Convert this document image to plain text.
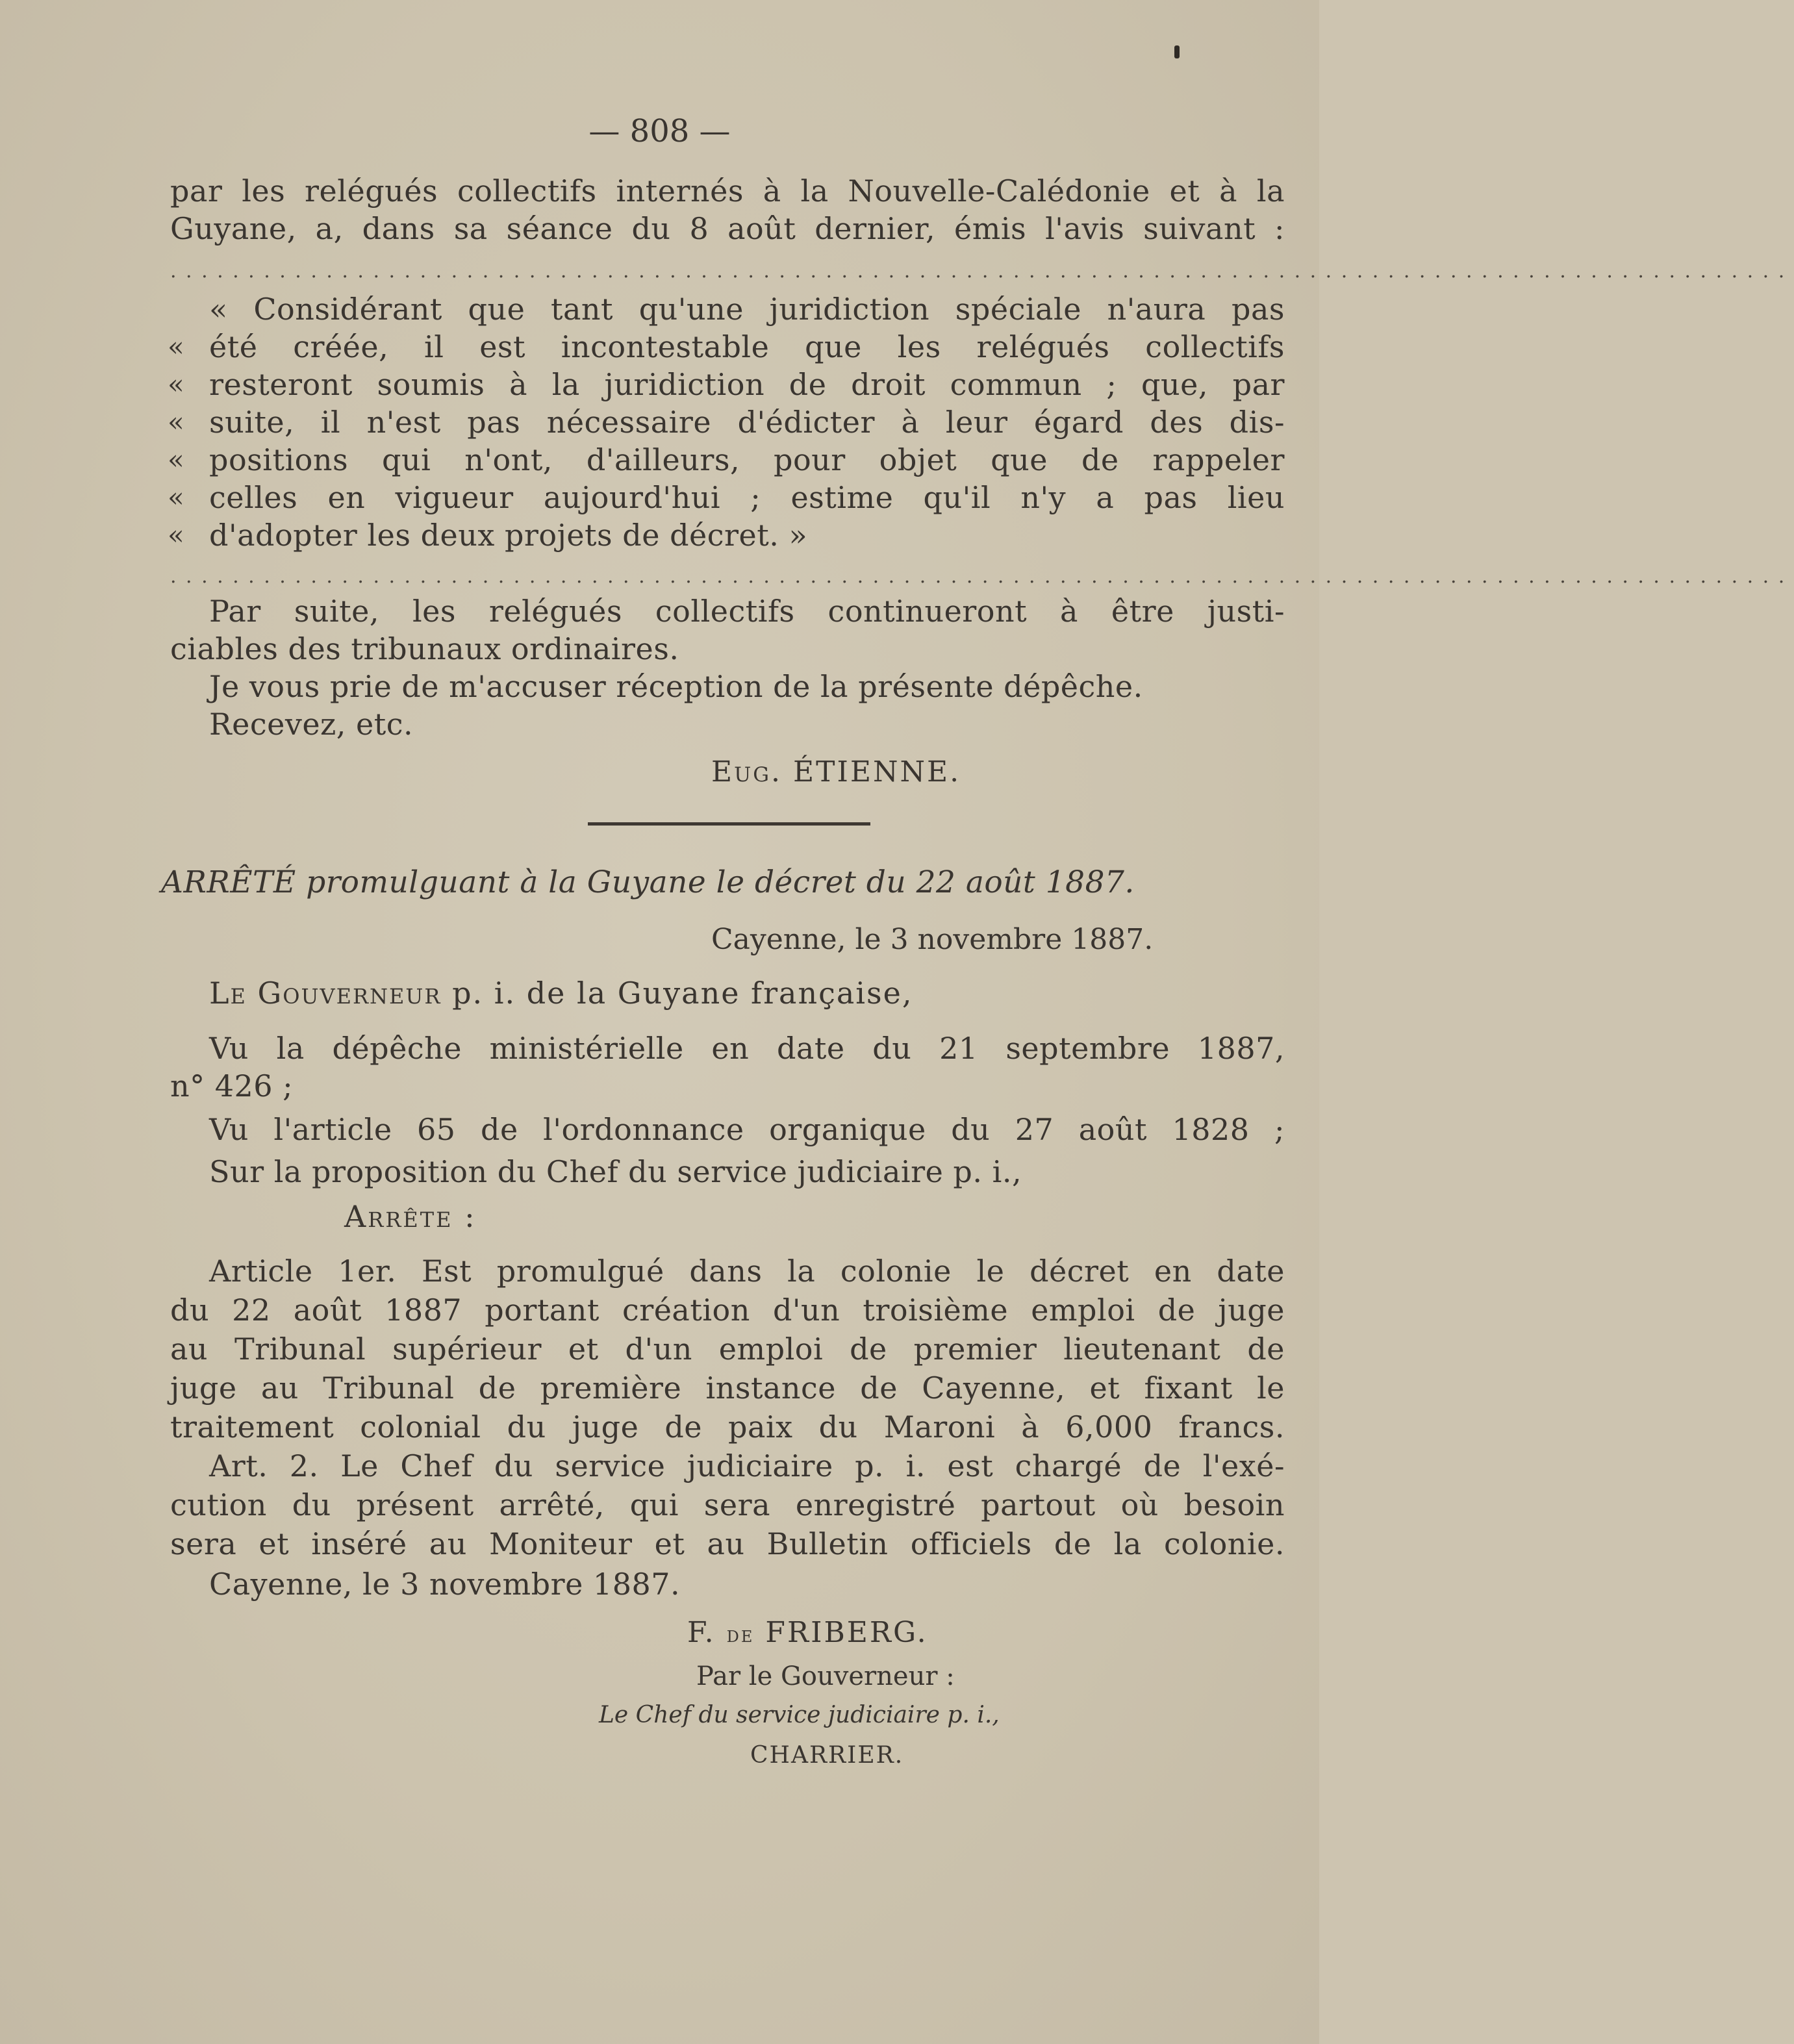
— 808 —
par les relégués collectifs internés à la Nouvelle-Calédonie et à la
Guyane, a, dans sa séance du 8 août dernier, émis l'avis suivant :
........................................................................................................
« Considérant que tant qu'une juridiction spéciale n'aura pas
« été créée, il est incontestable que les relégués collectifs
« resteront soumis à la juridiction de droit commun ; que, par
« suite, il n'est pas nécessaire d'édicter à leur égard des dis-
« positions qui n'ont, d'ailleurs, pour objet que de rappeler
« celles en vigueur aujourd'hui ; estime qu'il n'y a pas lieu
« d'adopter les deux projets de décret. »
........................................................................................................
Par suite, les relégués collectifs continueront à être justi-
ciables des tribunaux ordinaires.
Je vous prie de m'accuser réception de la présente dépêche.
Recevez, etc.
Eug. ÉTIENNE.
ARRÊTÉ promulguant à la Guyane le décret du 22 août 1887.
Cayenne, le 3 novembre 1887.
Le Gouverneur p. i. de la Guyane française,
Vu la dépêche ministérielle en date du 21 septembre 1887,
n° 426 ;
Vu l'article 65 de l'ordonnance organique du 27 août 1828 ;
Sur la proposition du Chef du service judiciaire p. i.,
Arrête :
Article 1er. Est promulgué dans la colonie le décret en date
du 22 août 1887 portant création d'un troisième emploi de juge
au Tribunal supérieur et d'un emploi de premier lieutenant de
juge au Tribunal de première instance de Cayenne, et fixant le
traitement colonial du juge de paix du Maroni à 6,000 francs.
Art. 2. Le Chef du service judiciaire p. i. est chargé de l'exé-
cution du présent arrêté, qui sera enregistré partout où besoin
sera et inséré au Moniteur et au Bulletin officiels de la colonie.
Cayenne, le 3 novembre 1887.
F. de FRIBERG.
Par le Gouverneur :
Le Chef du service judiciaire p. i.,
CHARRIER.
